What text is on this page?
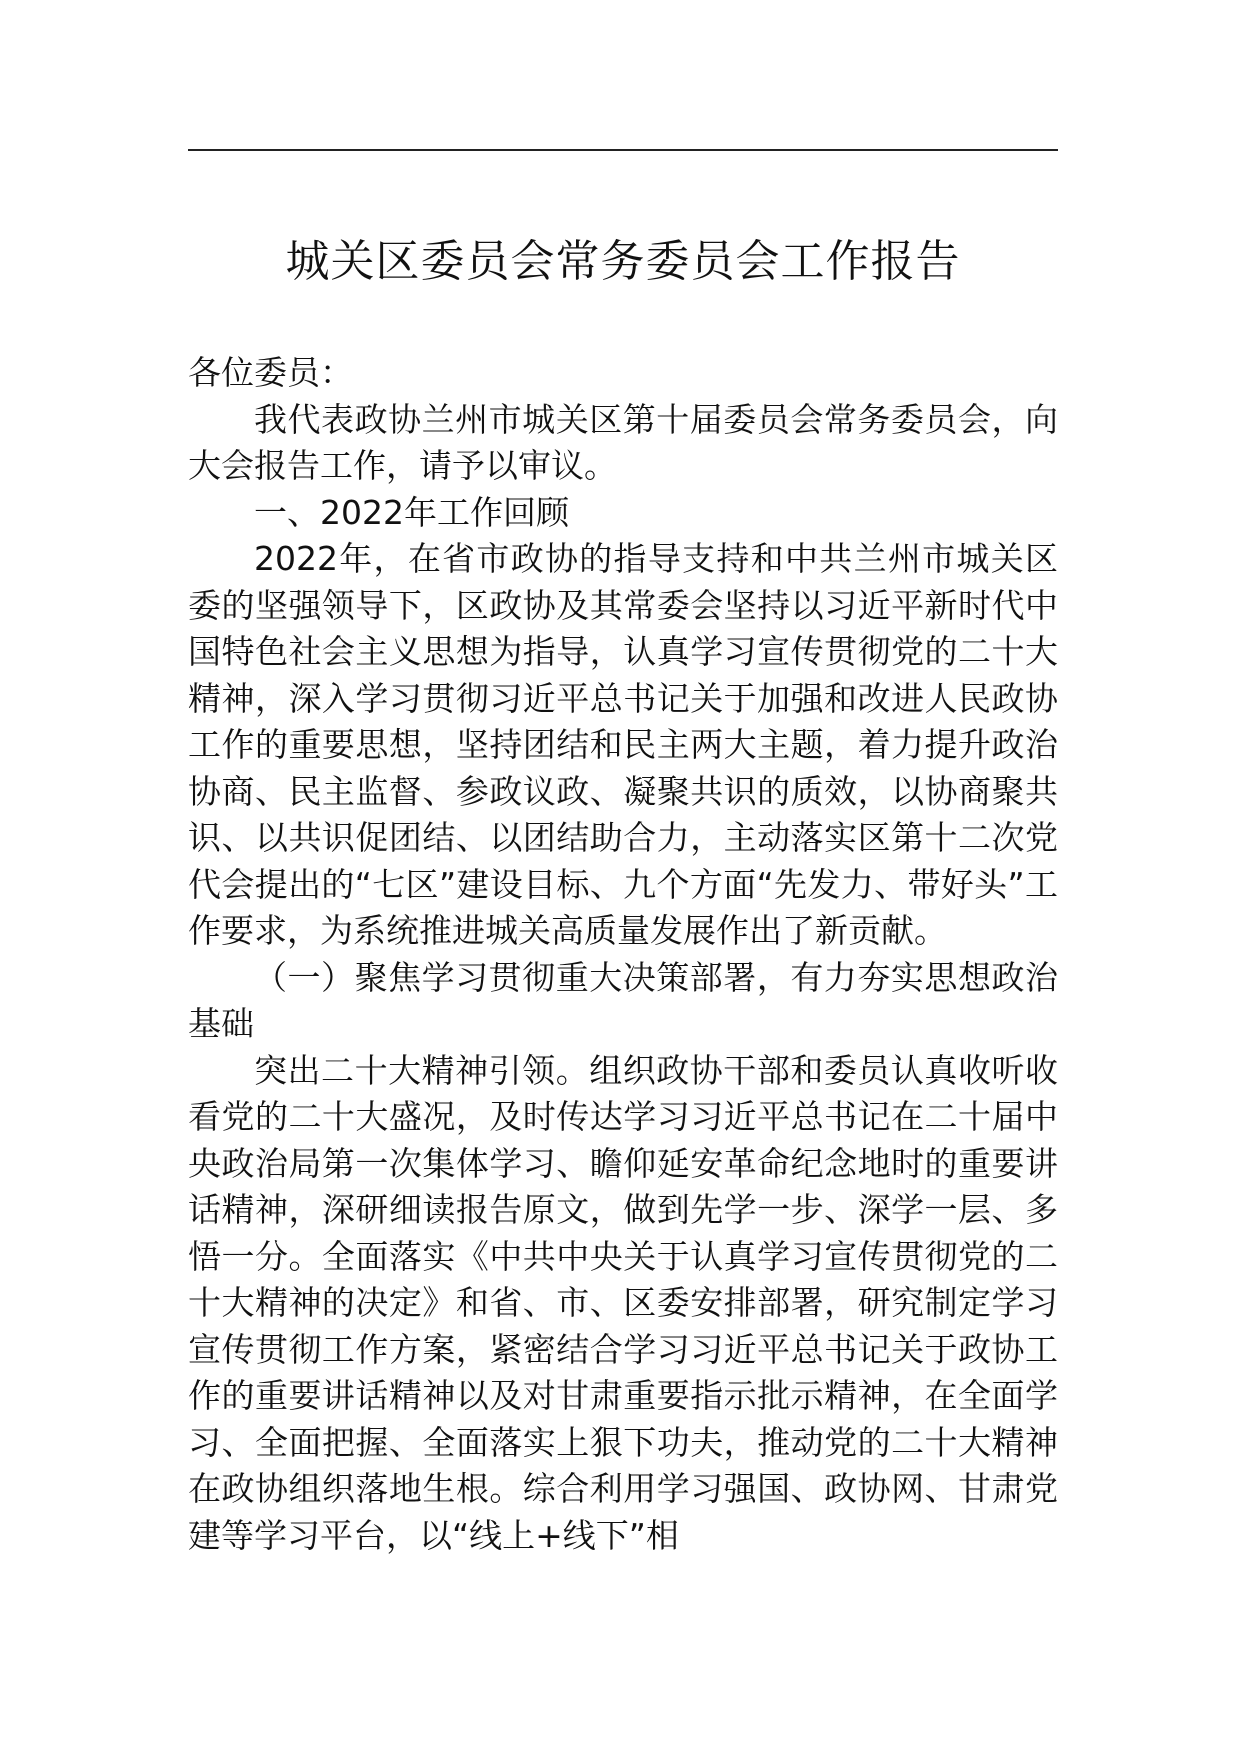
城关区委员会常务委员会工作报告

各位委员：

我代表政协兰州市城关区第十届委员会常务委员会，向大会报告工作，请予以审议。

一、2022年工作回顾

2022年，在省市政协的指导支持和中共兰州市城关区委的坚强领导下，区政协及其常委会坚持以习近平新时代中国特色社会主义思想为指导，认真学习宣传贯彻党的二十大精神，深入学习贯彻习近平总书记关于加强和改进人民政协工作的重要思想，坚持团结和民主两大主题，着力提升政治协商、民主监督、参政议政、凝聚共识的质效，以协商聚共识、以共识促团结、以团结助合力，主动落实区第十二次党代会提出的“七区”建设目标、九个方面“先发力、带好头”工作要求，为系统推进城关高质量发展作出了新贡献。

（一）聚焦学习贯彻重大决策部署，有力夯实思想政治基础

突出二十大精神引领。组织政协干部和委员认真收听收看党的二十大盛况，及时传达学习习近平总书记在二十届中央政治局第一次集体学习、瞻仰延安革命纪念地时的重要讲话精神，深研细读报告原文，做到先学一步、深学一层、多悟一分。全面落实《中共中央关于认真学习宣传贯彻党的二十大精神的决定》和省、市、区委安排部署，研究制定学习宣传贯彻工作方案，紧密结合学习习近平总书记关于政协工作的重要讲话精神以及对甘肃重要指示批示精神，在全面学习、全面把握、全面落实上狠下功夫，推动党的二十大精神在政协组织落地生根。综合利用学习强国、政协网、甘肃党建等学习平台，以“线上+线下”相
